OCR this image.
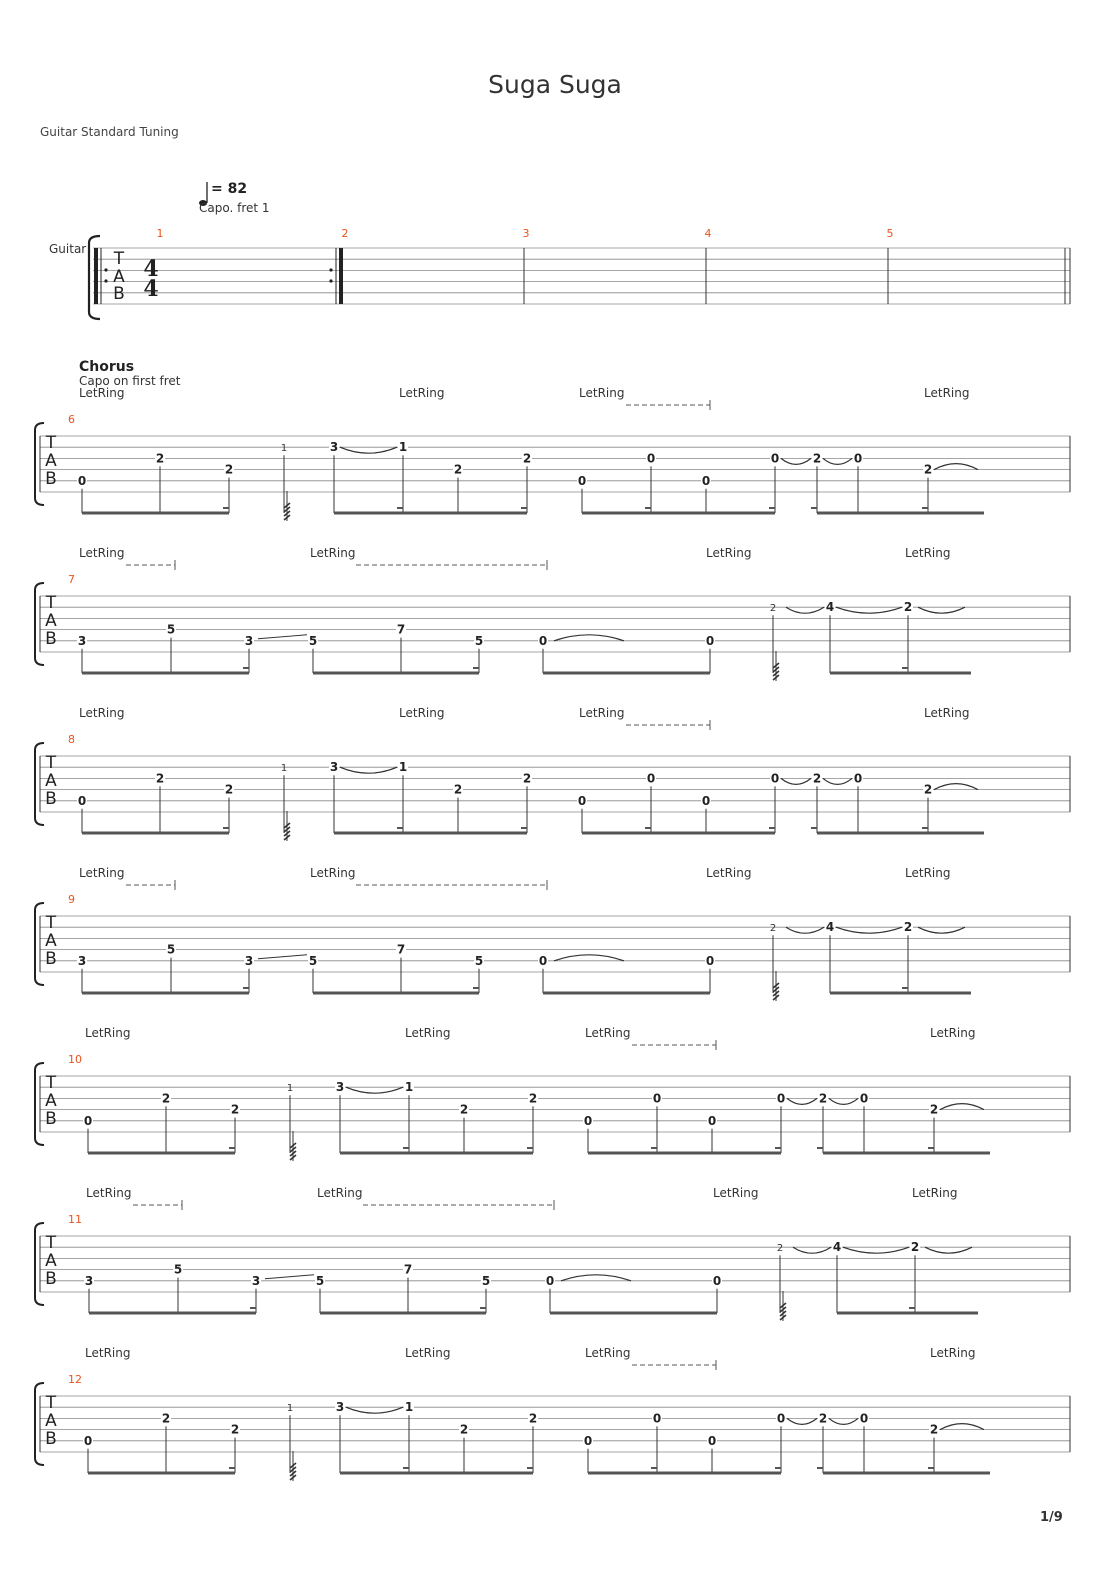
Suga Suga
Guitar Standard Tuning
= 82
Capo. fret 1
Guitar T
A
B
4
4
1	2	3	4	5
Chorus
Capo on first fret
T
A
B
6
LetRing	LetRing	LetRing	LetRing
0
2
2
1	3	1
2
2
0
0
0
0	2	0
2
T
A
B
7
LetRing	LetRing	LetRing	LetRing
3
5
3	5
7
5	0	0
2	4	2
T
A
B
8
LetRing	LetRing	LetRing	LetRing
0
2
2
1	3	1
2
2
0
0
0
0	2	0
2
T
A
B
9
LetRing	LetRing	LetRing	LetRing
3
5
3	5
7
5	0	0
2	4	2
T
A
B
10
LetRing	LetRing	LetRing	LetRing
0
2
2
1	3	1
2
2
0
0
0
0	2	0
2
T
A
B
11
LetRing	LetRing	LetRing	LetRing
3
5
3	5
7
5	0	0
2	4	2
T
A
B
12
LetRing	LetRing	LetRing	LetRing
0
2
2
1	3	1
2
2
0
0
0
0	2	0
2
1/9
